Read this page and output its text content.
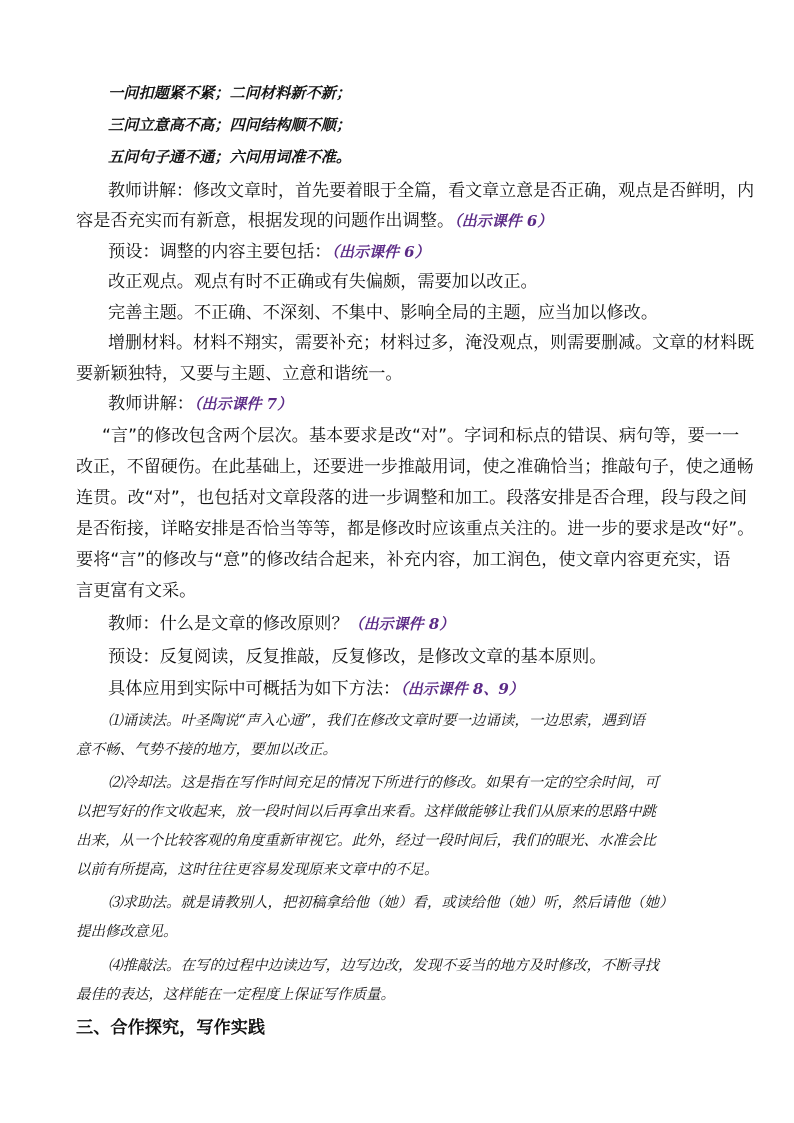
一问扣题紧不紧；二问材料新不新；
三问立意高不高；四问结构顺不顺；
五问句子通不通；六问用词准不准。
教师讲解：修改文章时，首先要着眼于全篇，看文章立意是否正确，观点是否鲜明，内
容是否充实而有新意，根据发现的问题作出调整。（出示课件 6）
预设：调整的内容主要包括：（出示课件 6）
改正观点。观点有时不正确或有失偏颇，需要加以改正。
完善主题。不正确、不深刻、不集中、影响全局的主题，应当加以修改。
增删材料。材料不翔实，需要补充；材料过多，淹没观点，则需要删减。文章的材料既
要新颖独特，又要与主题、立意和谐统一。
教师讲解：（出示课件 7）
“言”的修改包含两个层次。基本要求是改“对”。字词和标点的错误、病句等，要一一
改正，不留硬伤。在此基础上，还要进一步推敲用词，使之准确恰当；推敲句子，使之通畅
连贯。改“对”，也包括对文章段落的进一步调整和加工。段落安排是否合理，段与段之间
是否衔接，详略安排是否恰当等等，都是修改时应该重点关注的。进一步的要求是改“好”。
要将“言”的修改与“意”的修改结合起来，补充内容，加工润色，使文章内容更充实，语
言更富有文采。
教师：什么是文章的修改原则？（出示课件 8）
预设：反复阅读，反复推敲，反复修改，是修改文章的基本原则。
具体应用到实际中可概括为如下方法：（出示课件 8、9）
⑴诵读法。叶圣陶说“声入心通”，我们在修改文章时要一边诵读，一边思索，遇到语
意不畅、气势不接的地方，要加以改正。
⑵冷却法。这是指在写作时间充足的情况下所进行的修改。如果有一定的空余时间，可
以把写好的作文收起来，放一段时间以后再拿出来看。这样做能够让我们从原来的思路中跳
出来，从一个比较客观的角度重新审视它。此外，经过一段时间后，我们的眼光、水准会比
以前有所提高，这时往往更容易发现原来文章中的不足。
⑶求助法。就是请教别人，把初稿拿给他（她）看，或读给他（她）听，然后请他（她）
提出修改意见。
⑷推敲法。在写的过程中边读边写，边写边改，发现不妥当的地方及时修改，不断寻找
最佳的表达，这样能在一定程度上保证写作质量。
三、合作探究，写作实践
